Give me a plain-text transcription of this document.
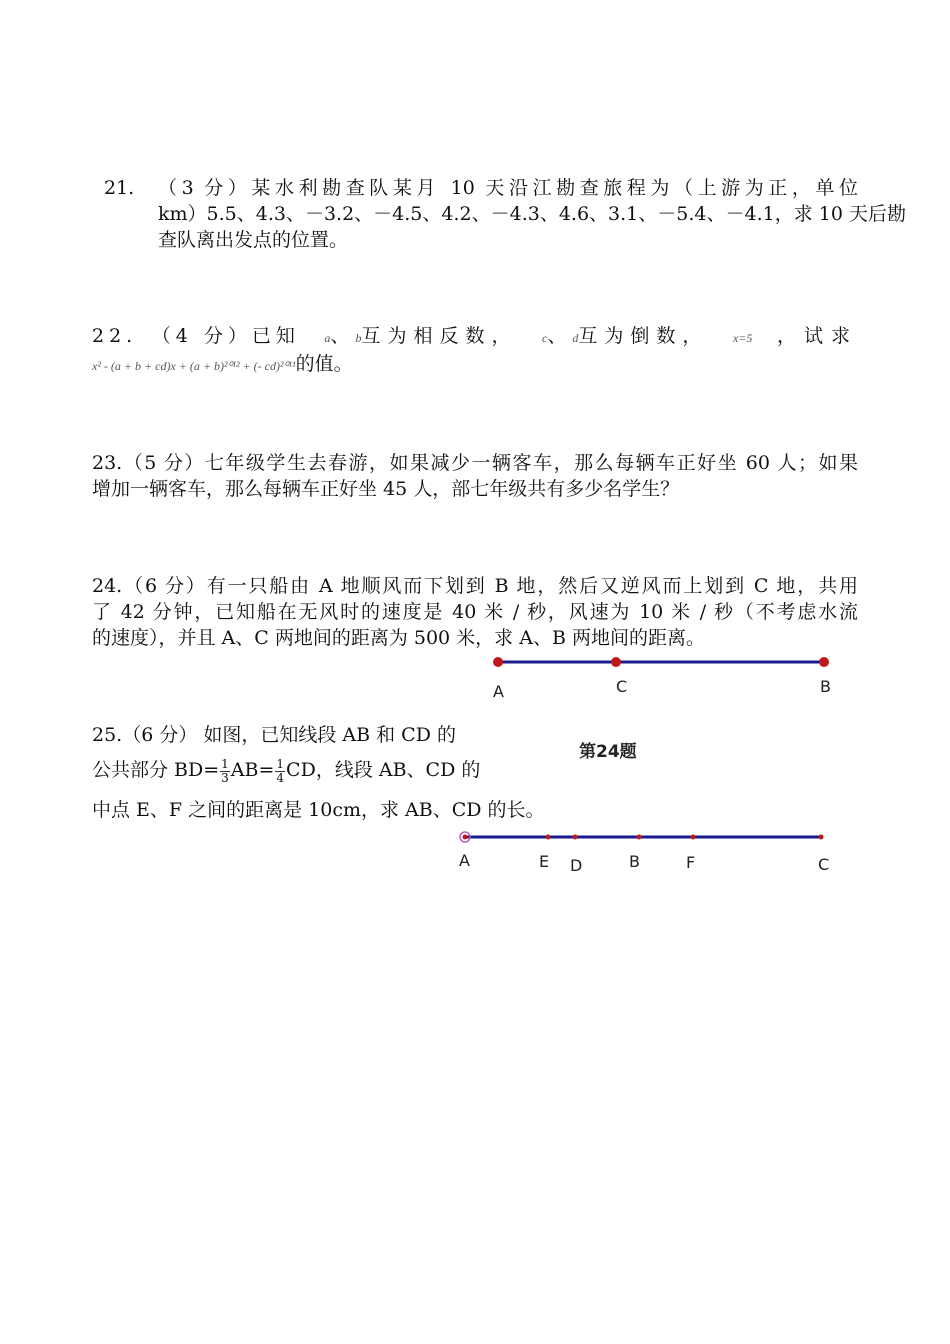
21. （3 分）某水利勘查队某月 10 天沿江勘查旅程为（上游为正，单位
km）5.5、4.3、－3.2、－4.5、4.2、－4.3、4.6、3.1、－5.4、－4.1，求 10 天后勘
查队离出发点的位置。
22.　（4 分）已知 a、 b互为相反数， c、 d互为倒数， x=5 ，试求
x² - (a + b + cd)x + (a + b)²⁰¹² + (- cd)²⁰¹¹的值。
23.（5 分）七年级学生去春游，如果减少一辆客车，那么每辆车正好坐 60 人；如果
增加一辆客车，那么每辆车正好坐 45 人，部七年级共有多少名学生？
24.（6 分）有一只船由 A 地顺风而下划到 B 地，然后又逆风而上划到 C 地，共用
了 42 分钟，已知船在无风时的速度是 40 米 / 秒，风速为 10 米 / 秒（不考虑水流
的速度），并且 A、C 两地间的距离为 500 米，求 A、B 两地间的距离。
A	C	B
第24题
25.（6 分） 如图，已知线段 AB 和 CD 的
公共部分 $BD= \frac{1}{3} AB= \frac{1}{4}$ CD，线段 AB、CD 的
中点 E、F 之间的距离是 10cm，求 AB、CD 的长。
A	E D	B	F	C
